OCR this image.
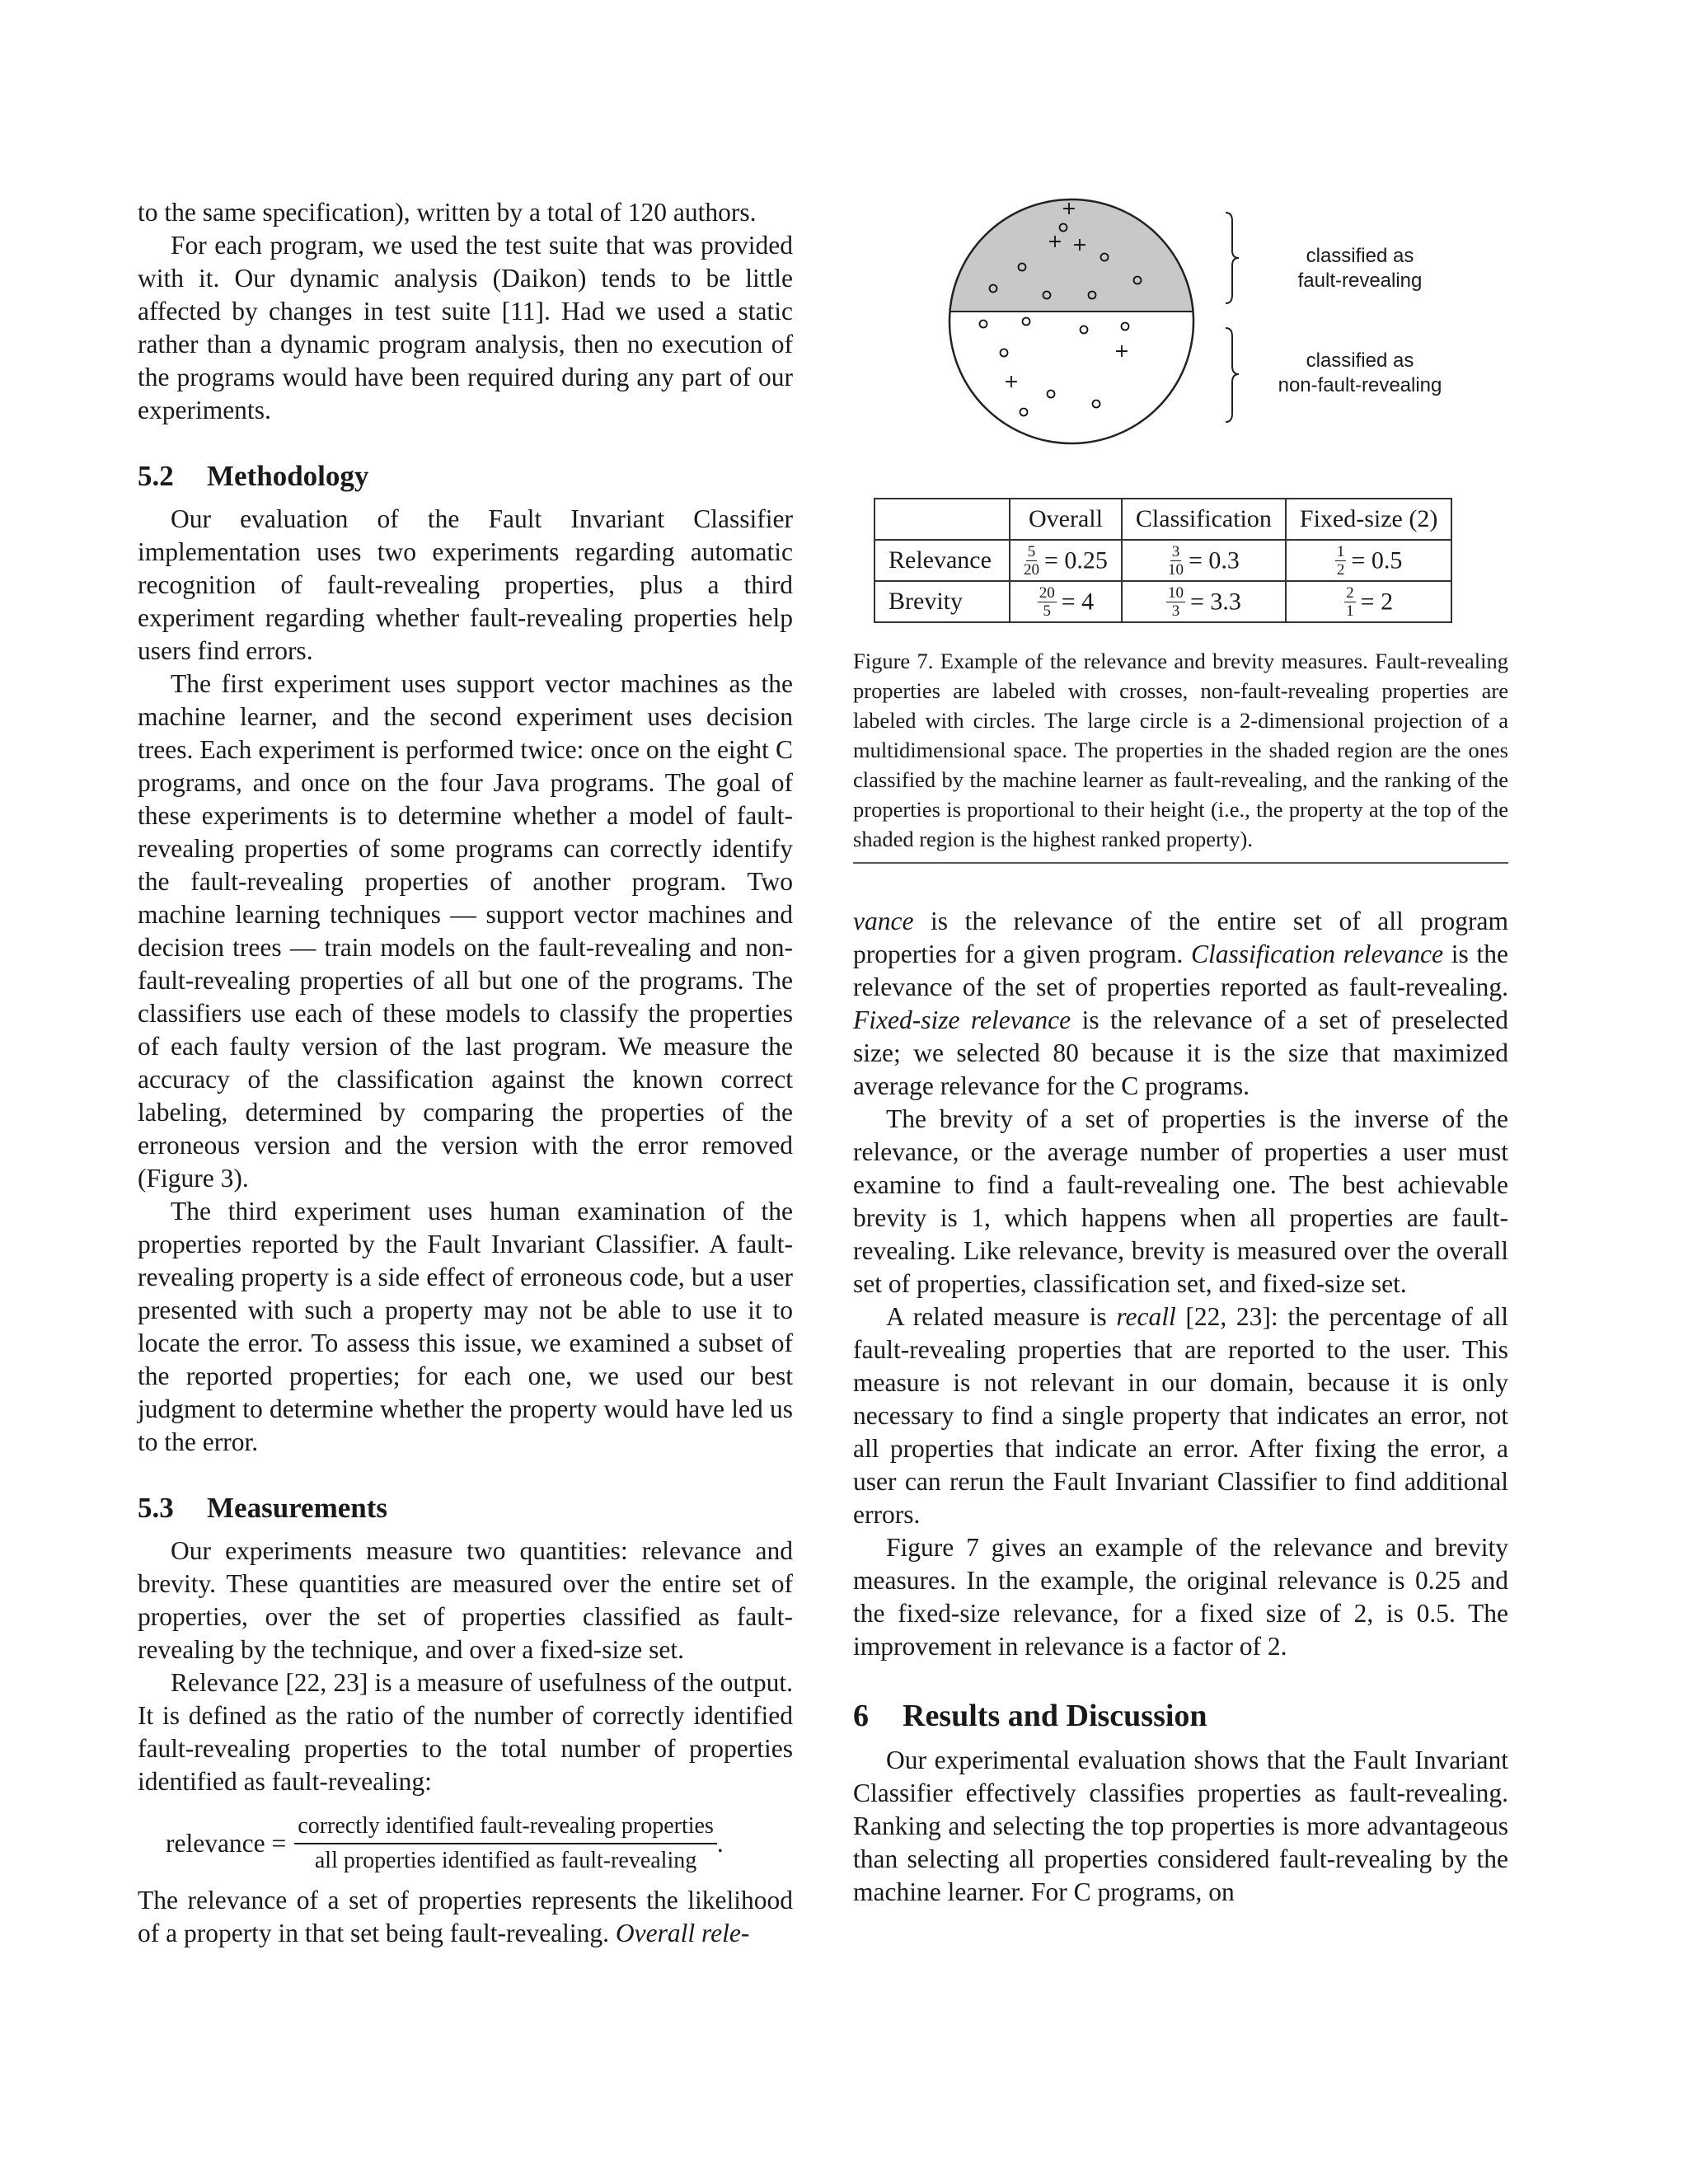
to the same specification), written by a total of 120 authors.

For each program, we used the test suite that was provided with it. Our dynamic analysis (Daikon) tends to be little affected by changes in test suite [11]. Had we used a static rather than a dynamic program analysis, then no execution of the programs would have been required during any part of our experiments.

5.2 Methodology

Our evaluation of the Fault Invariant Classifier implementation uses two experiments regarding automatic recognition of fault-revealing properties, plus a third experiment regarding whether fault-revealing properties help users find errors.

The first experiment uses support vector machines as the machine learner, and the second experiment uses decision trees. Each experiment is performed twice: once on the eight C programs, and once on the four Java programs. The goal of these experiments is to determine whether a model of fault-revealing properties of some programs can correctly identify the fault-revealing properties of another program. Two machine learning techniques — support vector machines and decision trees — train models on the fault-revealing and non-fault-revealing properties of all but one of the programs. The classifiers use each of these models to classify the properties of each faulty version of the last program. We measure the accuracy of the classification against the known correct labeling, determined by comparing the properties of the erroneous version and the version with the error removed (Figure 3).

The third experiment uses human examination of the properties reported by the Fault Invariant Classifier. A fault-revealing property is a side effect of erroneous code, but a user presented with such a property may not be able to use it to locate the error. To assess this issue, we examined a subset of the reported properties; for each one, we used our best judgment to determine whether the property would have led us to the error.

5.3 Measurements

Our experiments measure two quantities: relevance and brevity. These quantities are measured over the entire set of properties, over the set of properties classified as fault-revealing by the technique, and over a fixed-size set.

Relevance [22, 23] is a measure of usefulness of the output. It is defined as the ratio of the number of correctly identified fault-revealing properties to the total number of properties identified as fault-revealing:

relevance = $\frac{\text{correctly identified fault-revealing properties}}{\text{all properties identified as fault-revealing}}$ .

The relevance of a set of properties represents the likelihood of a property in that set being fault-revealing. Overall rele-

+
+ +
+
+
classified as
fault-revealing
classified as
non-fault-revealing
	Overall	Classification	Fixed-size (2)
Relevance	$\frac{5}{20} = 0.25$	$\frac{3}{10} = 0.3$	$\frac{1}{2} = 0.5$
Brevity	$\frac{20}{5} = 4$	$\frac{10}{3} = 3.3$	$\frac{2}{1} = 2$

Figure 7. Example of the relevance and brevity measures. Fault-revealing properties are labeled with crosses, non-fault-revealing properties are labeled with circles. The large circle is a 2-dimensional projection of a multidimensional space. The properties in the shaded region are the ones classified by the machine learner as fault-revealing, and the ranking of the properties is proportional to their height (i.e., the property at the top of the shaded region is the highest ranked property).

vance is the relevance of the entire set of all program properties for a given program. Classification relevance is the relevance of the set of properties reported as fault-revealing. Fixed-size relevance is the relevance of a set of preselected size; we selected 80 because it is the size that maximized average relevance for the C programs.

The brevity of a set of properties is the inverse of the relevance, or the average number of properties a user must examine to find a fault-revealing one. The best achievable brevity is 1, which happens when all properties are fault-revealing. Like relevance, brevity is measured over the overall set of properties, classification set, and fixed-size set.

A related measure is recall [22, 23]: the percentage of all fault-revealing properties that are reported to the user. This measure is not relevant in our domain, because it is only necessary to find a single property that indicates an error, not all properties that indicate an error. After fixing the error, a user can rerun the Fault Invariant Classifier to find additional errors.

Figure 7 gives an example of the relevance and brevity measures. In the example, the original relevance is 0.25 and the fixed-size relevance, for a fixed size of 2, is 0.5. The improvement in relevance is a factor of 2.

6 Results and Discussion

Our experimental evaluation shows that the Fault Invariant Classifier effectively classifies properties as fault-revealing. Ranking and selecting the top properties is more advantageous than selecting all properties considered fault-revealing by the machine learner. For C programs, on
